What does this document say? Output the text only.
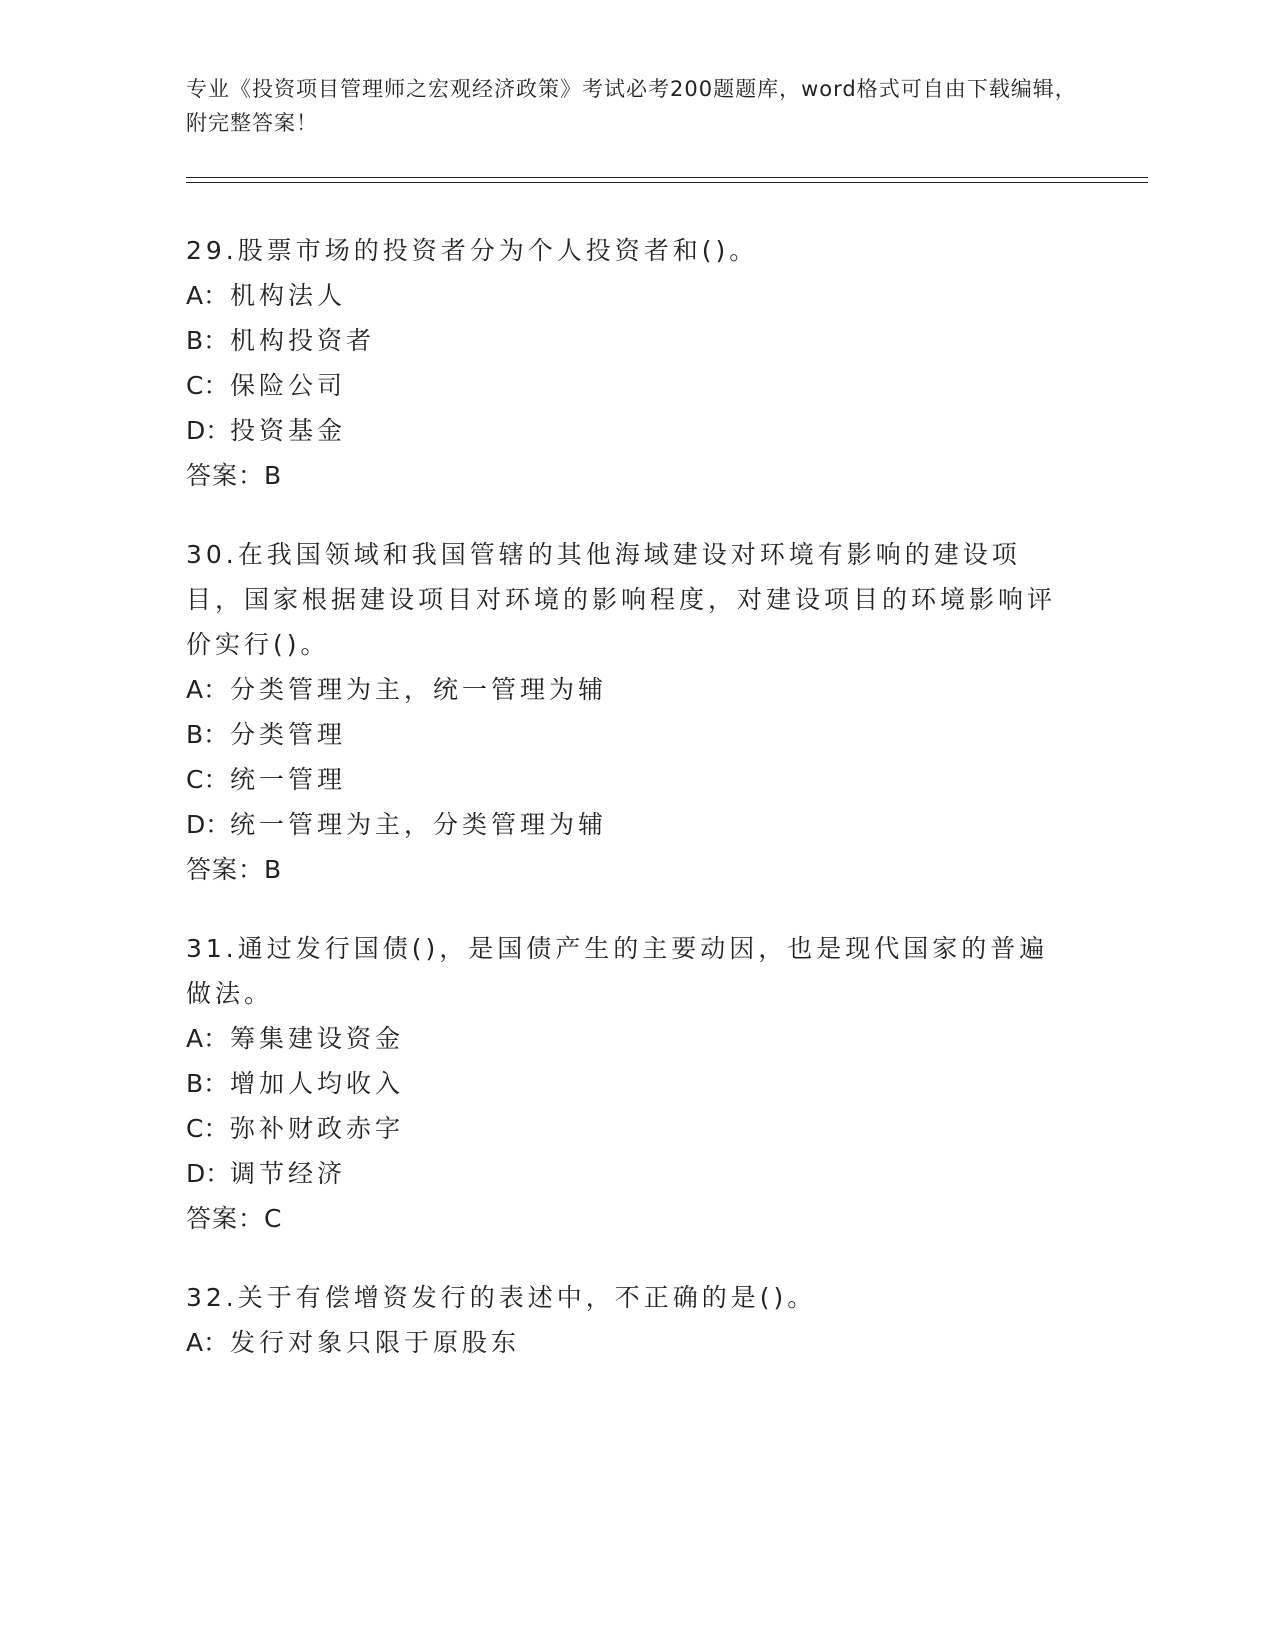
专业《投资项目管理师之宏观经济政策》考试必考200题题库，word格式可自由下载编辑，附完整答案！
29.股票市场的投资者分为个人投资者和()。
A： 机构法人
B： 机构投资者
C： 保险公司
D： 投资基金
答案：B
30.在我国领域和我国管辖的其他海域建设对环境有影响的建设项目，国家根据建设项目对环境的影响程度，对建设项目的环境影响评价实行()。
A： 分类管理为主，统一管理为辅
B： 分类管理
C： 统一管理
D： 统一管理为主，分类管理为辅
答案：B
31.通过发行国债()，是国债产生的主要动因，也是现代国家的普遍做法。
A： 筹集建设资金
B： 增加人均收入
C： 弥补财政赤字
D： 调节经济
答案：C
32.关于有偿增资发行的表述中，不正确的是()。
A： 发行对象只限于原股东
